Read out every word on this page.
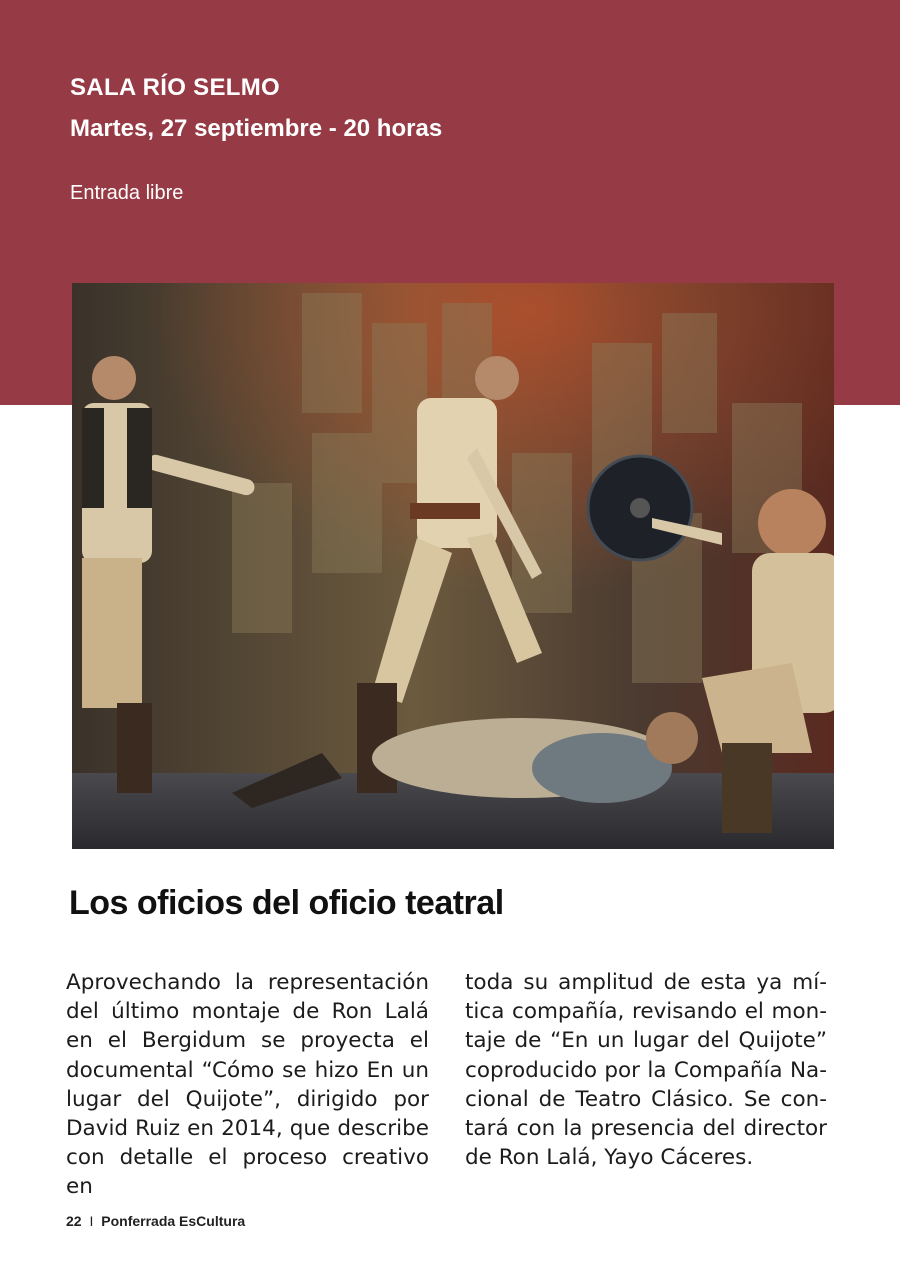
SALA RÍO SELMO
Martes, 27 septiembre - 20 horas
Entrada libre
Los oficios del oficio teatral
Aprovechando la representación del último montaje de Ron Lalá en el Bergidum se proyecta el documental “Cómo se hizo En un lugar del Quijote”, dirigido por David Ruiz en 2014, que describe con detalle el proceso creativo en
toda su amplitud de esta ya mítica compañía, revisando el montaje de “En un lugar del Quijote” coproducido por la Compañía Nacional de Teatro Clásico. Se contará con la presencia del director de Ron Lalá, Yayo Cáceres.
22 I Ponferrada EsCultura
